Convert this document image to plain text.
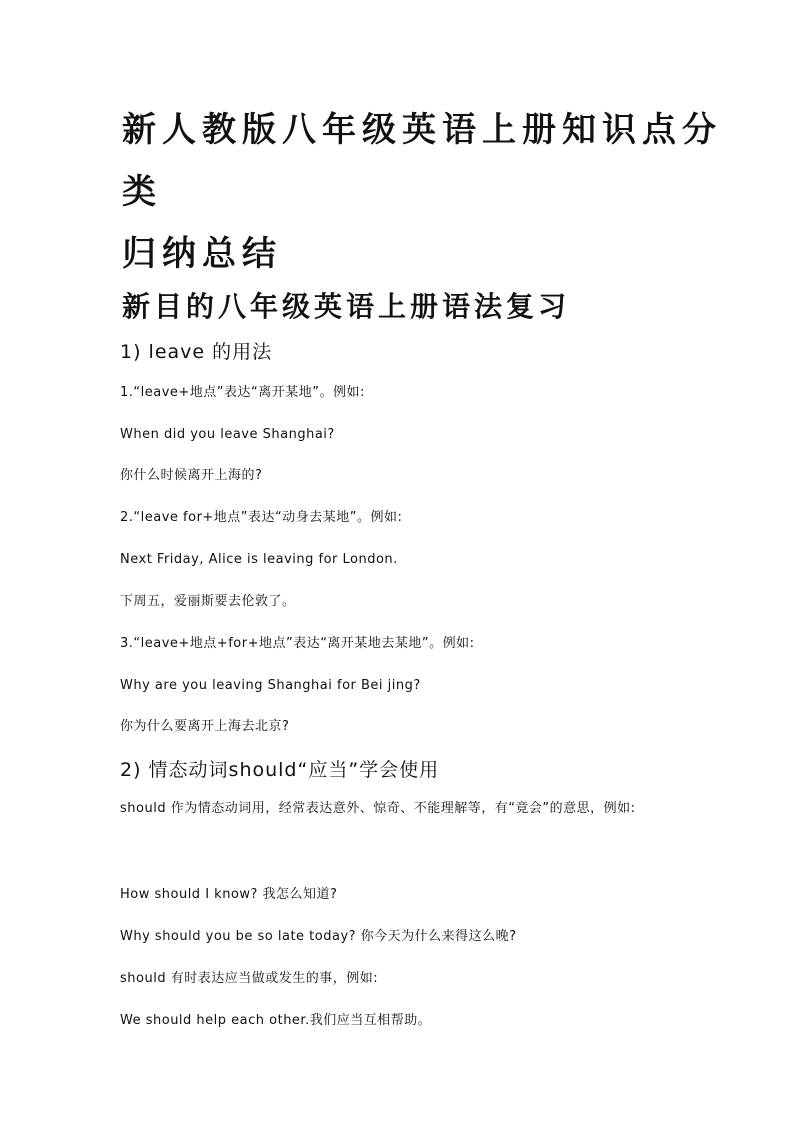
新人教版八年级英语上册知识点分
类
归纳总结
新目的八年级英语上册语法复习
1) leave 的用法
1.“leave+地点”表达“离开某地”。例如:
When did you leave Shanghai?
你什么时候离开上海的?
2.“leave for+地点”表达“动身去某地”。例如:
Next Friday, Alice is leaving for London.
下周五，爱丽斯要去伦敦了。
3.“leave+地点+for+地点”表达“离开某地去某地”。例如:
Why are you leaving Shanghai for Bei jing?
你为什么要离开上海去北京?
2) 情态动词should“应当”学会使用
should 作为情态动词用，经常表达意外、惊奇、不能理解等，有“竟会”的意思，例如:
How should I know? 我怎么知道?
Why should you be so late today? 你今天为什么来得这么晚?
should 有时表达应当做或发生的事，例如:
We should help each other.我们应当互相帮助。
